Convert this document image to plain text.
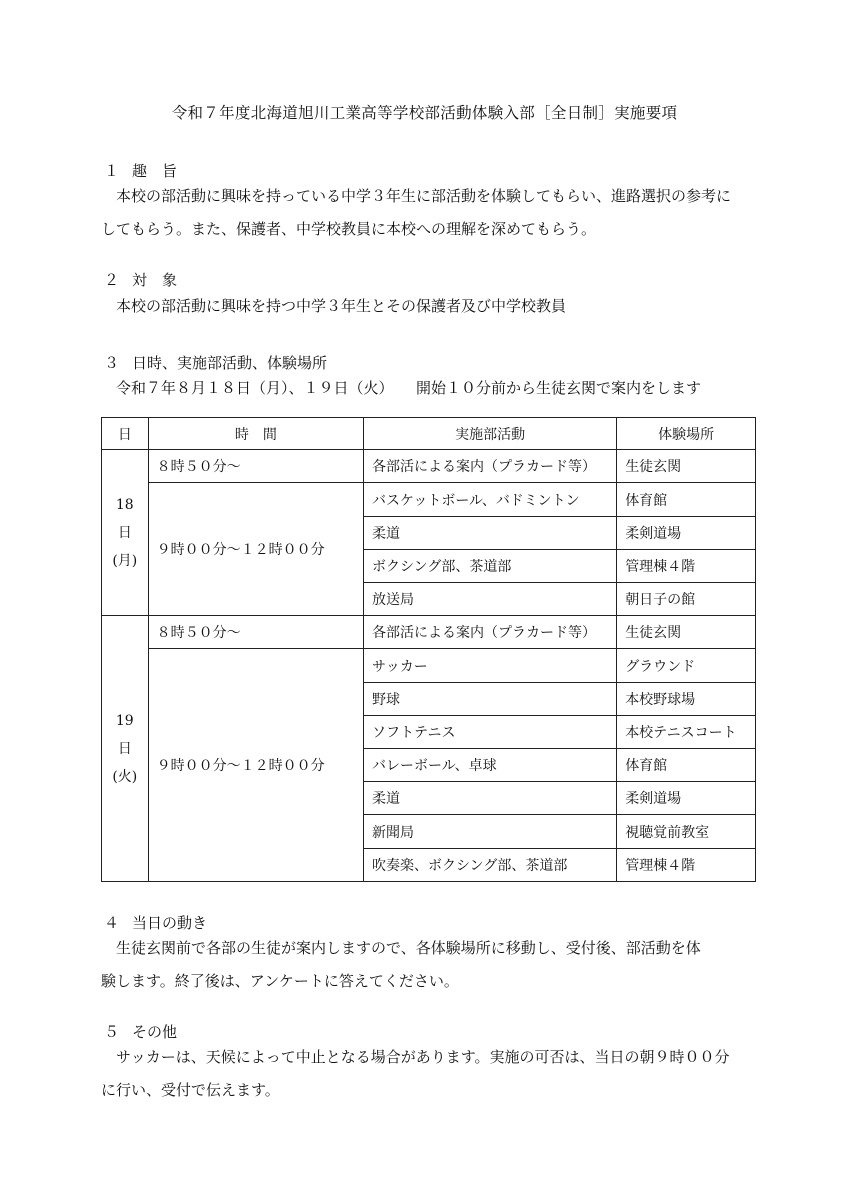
令和７年度北海道旭川工業高等学校部活動体験入部［全日制］実施要項
１ 趣　旨
　本校の部活動に興味を持っている中学３年生に部活動を体験してもらい、進路選択の参考に
してもらう。また、保護者、中学校教員に本校への理解を深めてもらう。
２ 対　象
　本校の部活動に興味を持つ中学３年生とその保護者及び中学校教員
３ 日時、実施部活動、体験場所
　令和７年８月１８日（月）、１９日（火）　　開始１０分前から生徒玄関で案内をします
日	時　間	実施部活動	体験場所

18
日
(月)	８時５０分～	各部活による案内（プラカード等）	生徒玄関
	９時００分～１２時００分	バスケットボール、バドミントン	体育館
		柔道	柔剣道場
		ボクシング部、茶道部	管理棟４階
		放送局	朝日子の館

19
日
(火)	８時５０分～	各部活による案内（プラカード等）	生徒玄関
	９時００分～１２時００分	サッカー	グラウンド
		野球	本校野球場
		ソフトテニス	本校テニスコート
		バレーボール、卓球	体育館
		柔道	柔剣道場
		新聞局	視聴覚前教室
		吹奏楽、ボクシング部、茶道部	管理棟４階
４ 当日の動き
　生徒玄関前で各部の生徒が案内しますので、各体験場所に移動し、受付後、部活動を体
験します。終了後は、アンケートに答えてください。
５ その他
　サッカーは、天候によって中止となる場合があります。実施の可否は、当日の朝９時００分
に行い、受付で伝えます。
